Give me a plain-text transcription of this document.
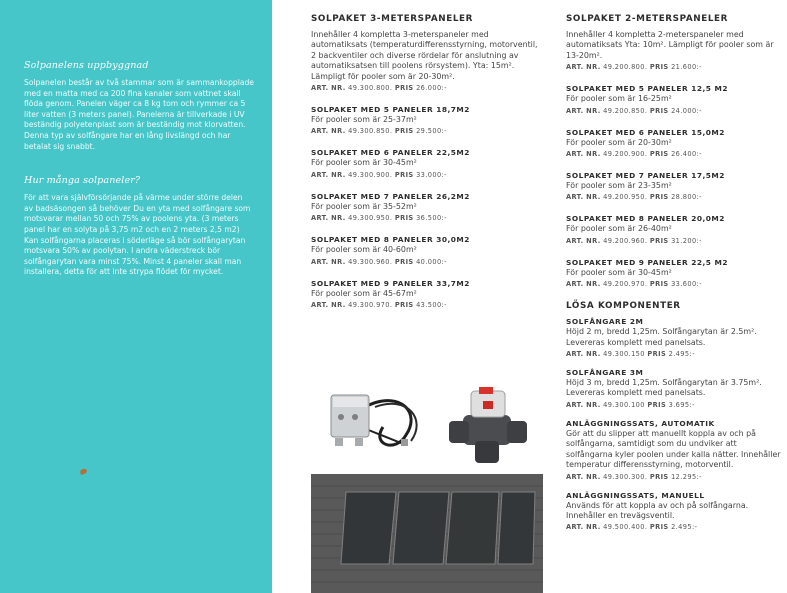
Solpanelens uppbyggnad

Solpanelen består av två stammar som är sammankopplade med en matta med ca 200 fina kanaler som vattnet skall flöda genom. Panelen väger ca 8 kg tom och rymmer ca 5 liter vatten (3 meters panel). Panelerna är tillverkade i UV beständig polyetenplast som är beständig mot klorvatten. Denna typ av solfångare har en lång livslängd och har betalat sig snabbt.

Hur många solpaneler?

För att vara självförsörjande på värme under större delen av badsäsongen så behöver Du en yta med solfångare som motsvarar mellan 50 och 75% av poolens yta. (3 meters panel har en solyta på 3,75 m2 och en 2 meters 2,5 m2) Kan solfångarna placeras i söderläge så bör solfångarytan motsvara 50% av poolytan. I andra väderstreck bör solfångarytan vara minst 75%. Minst 4 paneler skall man installera, detta för att inte strypa flödet för mycket.

SOLPAKET 3-METERSPANELER
Innehåller 4 kompletta 3-meterspaneler med automatiksats (temperaturdifferensstyrning, motorventil, 2 backventiler och diverse rördelar för anslutning av automatiksatsen till poolens rörsystem). Yta: 15m². Lämpligt för pooler som är 20-30m².
ART. NR. 49.300.800. PRIS 26.000:-
SOLPAKET MED 5 PANELER 18,7M2
För pooler som är 25-37m²
ART. NR. 49.300.850. PRIS 29.500:-
SOLPAKET MED 6 PANELER 22,5M2
För pooler som är 30-45m²
ART. NR. 49.300.900. PRIS 33.000:-
SOLPAKET MED 7 PANELER 26,2M2
För pooler som är 35-52m²
ART. NR. 49.300.950. PRIS 36.500:-
SOLPAKET MED 8 PANELER 30,0M2
För pooler som är 40-60m²
ART. NR. 49.300.960. PRIS 40.000:-
SOLPAKET MED 9 PANELER 33,7M2
För pooler som är 45-67m²
ART. NR. 49.300.970. PRIS 43.500:-
SOLPAKET 2-METERSPANELER
Innehåller 4 kompletta 2-meterspaneler med automatiksats Yta: 10m². Lämpligt för pooler som är 13-20m².
ART. NR. 49.200.800. PRIS 21.600:-
SOLPAKET MED 5 PANELER 12,5 M2
För pooler som är 16-25m²
ART. NR. 49.200.850. PRIS 24.000:-
SOLPAKET MED 6 PANELER 15,0M2
För pooler som är 20-30m²
ART. NR. 49.200.900. PRIS 26.400:-
SOLPAKET MED 7 PANELER 17,5M2
För pooler som är 23-35m²
ART. NR. 49.200.950. PRIS 28.800:-
SOLPAKET MED 8 PANELER 20,0M2
För pooler som är 26-40m²
ART. NR. 49.200.960. PRIS 31.200:-
SOLPAKET MED 9 PANELER 22,5 M2
För pooler som är 30-45m²
ART. NR. 49.200.970. PRIS 33.600:-
LÖSA KOMPONENTER
SOLFÅNGARE 2M
Höjd 2 m, bredd 1,25m. Solfångarytan är 2.5m². Levereras komplett med panelsats.
ART. NR. 49.300.150 PRIS 2.495:-
SOLFÅNGARE 3M
Höjd 3 m, bredd 1,25m. Solfångarytan är 3.75m². Levereras komplett med panelsats.
ART. NR. 49.300.100 PRIS 3.695:-
ANLÄGGNINGSSATS, AUTOMATIK
Gör att du slipper att manuellt koppla av och på solfångarna, samtidigt som du undviker att solfångarna kyler poolen under kalla nätter. Innehåller temperatur differensstyrning, motorventil.
ART. NR. 49.300.300. PRIS 12.295:-
ANLÄGGNINGSSATS, MANUELL
Används för att koppla av och på solfångarna. Innehåller en trevägsventil.
ART. NR. 49.500.400. PRIS 2.495:-
